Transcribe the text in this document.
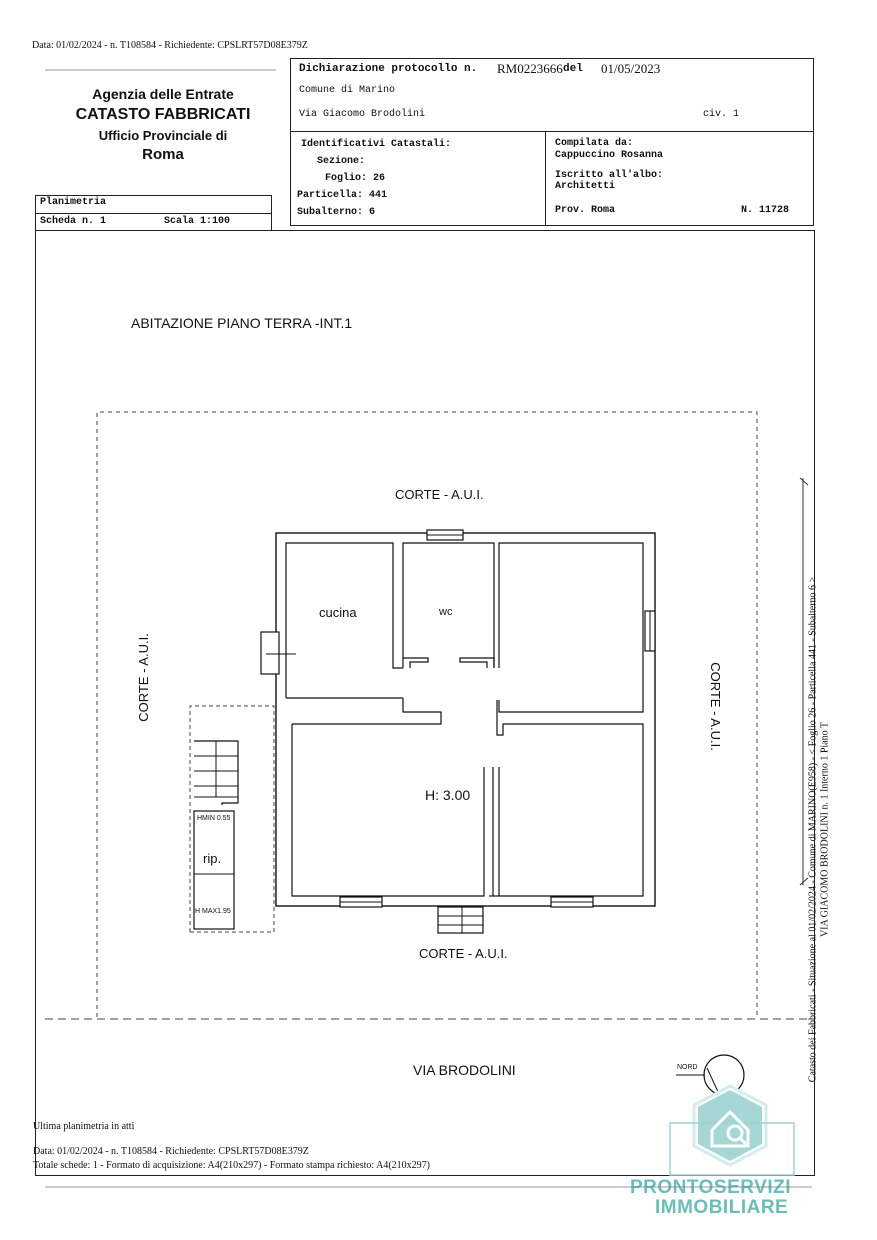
Data: 01/02/2024 - n. T108584 - Richiedente: CPSLRT57D08E379Z
Agenzia delle Entrate
CATASTO FABBRICATI
Ufficio Provinciale di
Roma
Planimetria
Scheda n. 1	Scala 1:100
Dichiarazione protocollo n. RM0223666 del 01/05/2023
Comune di Marino
Via Giacomo Brodolini	civ. 1
Identificativi Catastali:
Sezione:
Foglio: 26
Particella: 441
Subalterno: 6
Compilata da:
Cappuccino Rosanna
Iscritto all'albo:
Architetti
Prov. Roma	N. 11728
ABITAZIONE PIANO TERRA -INT.1
CORTE - A.U.I.
CORTE - A.U.I.	CORTE - A.U.I.
CORTE - A.U.I.
cucina	wc
H: 3.00
rip.
HMIN 0.55
H MAX1.95
VIA BRODOLINI	NORD
Ultima planimetria in atti
Data: 01/02/2024 - n. T108584 - Richiedente: CPSLRT57D08E379Z
Totale schede: 1 - Formato di acquisizione: A4(210x297) - Formato stampa richiesto: A4(210x297)
Catasto dei Fabbricati - Situazione al 01/02/2024 - Comune di MARINO(E958) - < Foglio 26 - Particella 441 - Subalterno 6 > VIA GIACOMO BRODOLINI n. 1 Interno 1 Piano T
PRONTOSERVIZI
IMMOBILIARE
